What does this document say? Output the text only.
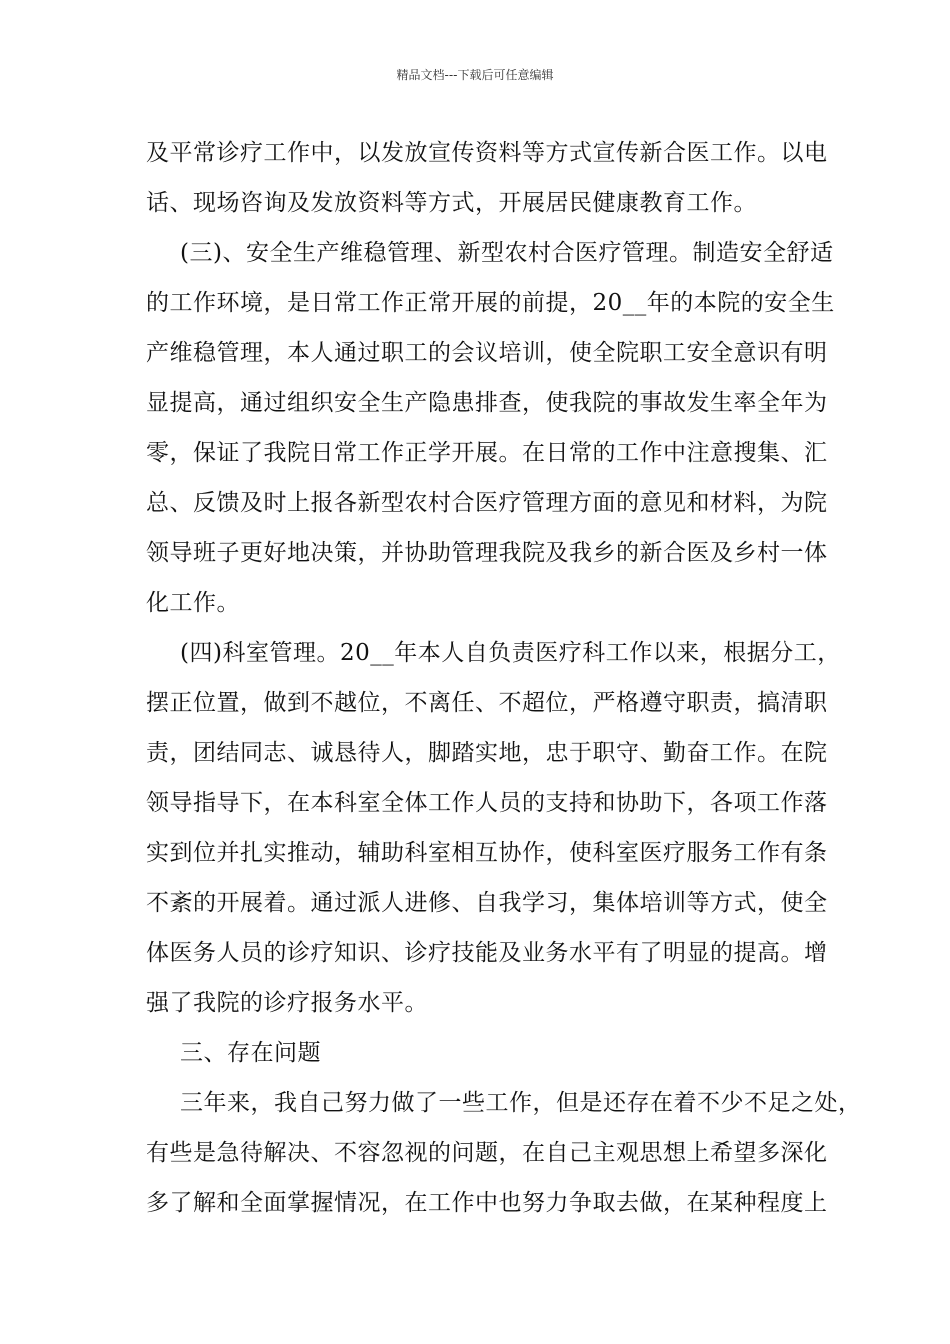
精品文档---下载后可任意编辑
及平常诊疗工作中，以发放宣传资料等方式宣传新合医工作。以电
话、现场咨询及发放资料等方式，开展居民健康教育工作。
(三)、安全生产维稳管理、新型农村合医疗管理。制造安全舒适
的工作环境，是日常工作正常开展的前提，20__年的本院的安全生
产维稳管理，本人通过职工的会议培训，使全院职工安全意识有明
显提高，通过组织安全生产隐患排查，使我院的事故发生率全年为
零，保证了我院日常工作正学开展。在日常的工作中注意搜集、汇
总、反馈及时上报各新型农村合医疗管理方面的意见和材料，为院
领导班子更好地决策，并协助管理我院及我乡的新合医及乡村一体
化工作。
(四)科室管理。20__年本人自负责医疗科工作以来，根据分工，
摆正位置，做到不越位，不离任、不超位，严格遵守职责，搞清职
责，团结同志、诚恳待人，脚踏实地，忠于职守、勤奋工作。在院
领导指导下，在本科室全体工作人员的支持和协助下，各项工作落
实到位并扎实推动，辅助科室相互协作，使科室医疗服务工作有条
不紊的开展着。通过派人进修、自我学习，集体培训等方式，使全
体医务人员的诊疗知识、诊疗技能及业务水平有了明显的提高。增
强了我院的诊疗报务水平。
三、存在问题
三年来，我自己努力做了一些工作，但是还存在着不少不足之处，
有些是急待解决、不容忽视的问题，在自己主观思想上希望多深化
多了解和全面掌握情况，在工作中也努力争取去做，在某种程度上
